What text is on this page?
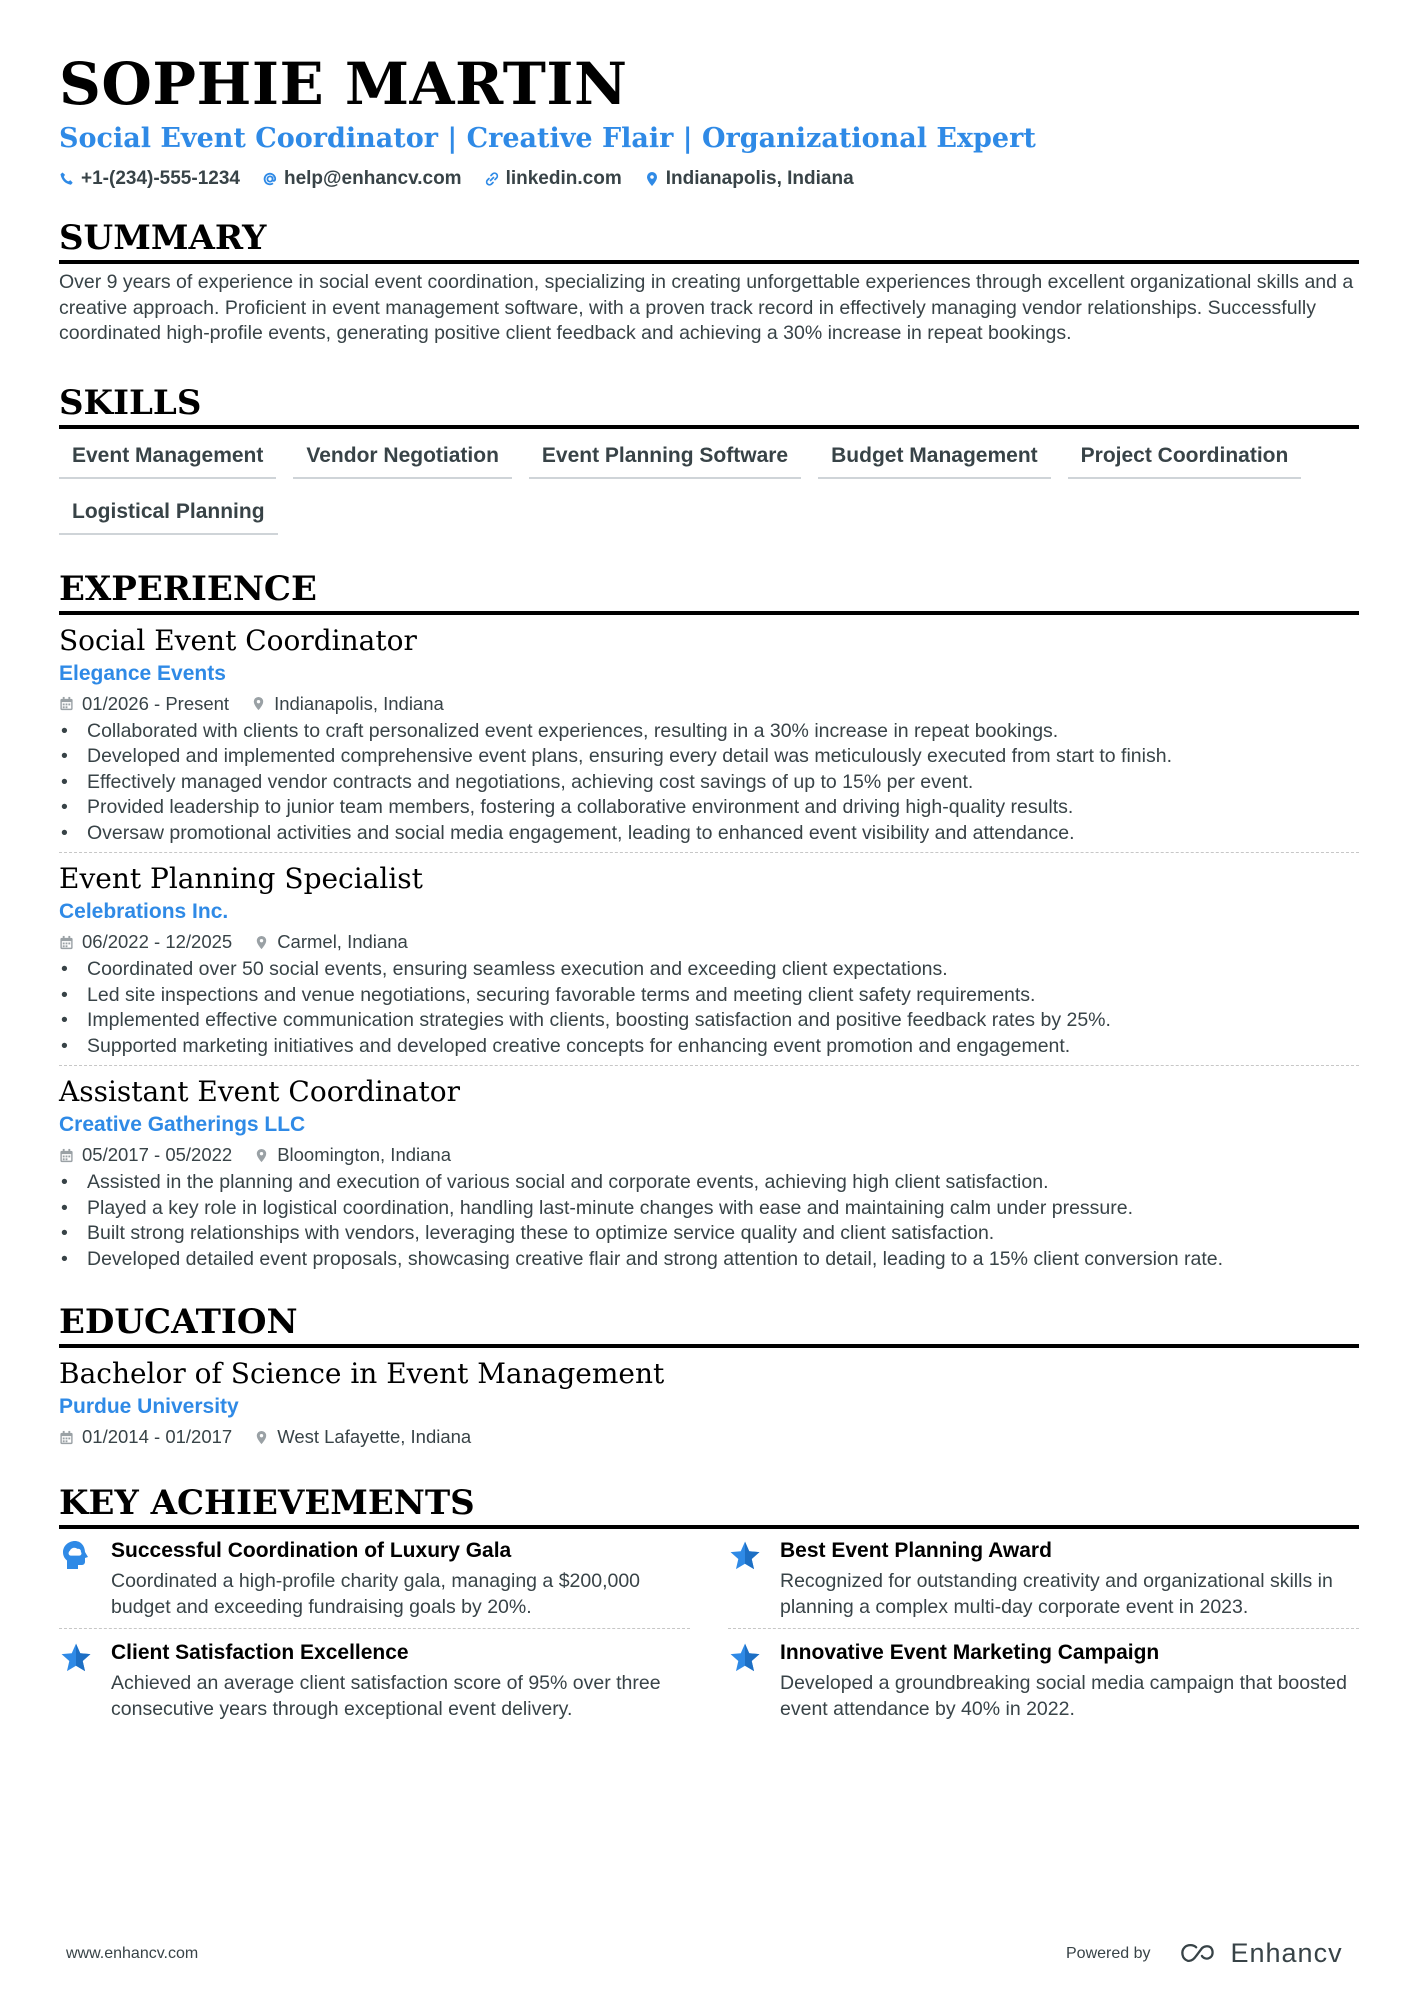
SOPHIE MARTIN
Social Event Coordinator | Creative Flair | Organizational Expert
+1-(234)-555-1234 help@enhancv.com linkedin.com Indianapolis, Indiana
SUMMARY
Over 9 years of experience in social event coordination, specializing in creating unforgettable experiences through excellent organizational skills and a creative approach. Proficient in event management software, with a proven track record in effectively managing vendor relationships. Successfully coordinated high-profile events, generating positive client feedback and achieving a 30% increase in repeat bookings.
SKILLS
Event Management	Vendor Negotiation	Event Planning Software	Budget Management	Project Coordination
Logistical Planning
EXPERIENCE
Social Event Coordinator
Elegance Events
01/2026 - Present Indianapolis, Indiana
• Collaborated with clients to craft personalized event experiences, resulting in a 30% increase in repeat bookings.
• Developed and implemented comprehensive event plans, ensuring every detail was meticulously executed from start to finish.
• Effectively managed vendor contracts and negotiations, achieving cost savings of up to 15% per event.
• Provided leadership to junior team members, fostering a collaborative environment and driving high-quality results.
• Oversaw promotional activities and social media engagement, leading to enhanced event visibility and attendance.
Event Planning Specialist
Celebrations Inc.
06/2022 - 12/2025 Carmel, Indiana
• Coordinated over 50 social events, ensuring seamless execution and exceeding client expectations.
• Led site inspections and venue negotiations, securing favorable terms and meeting client safety requirements.
• Implemented effective communication strategies with clients, boosting satisfaction and positive feedback rates by 25%.
• Supported marketing initiatives and developed creative concepts for enhancing event promotion and engagement.
Assistant Event Coordinator
Creative Gatherings LLC
05/2017 - 05/2022 Bloomington, Indiana
• Assisted in the planning and execution of various social and corporate events, achieving high client satisfaction.
• Played a key role in logistical coordination, handling last-minute changes with ease and maintaining calm under pressure.
• Built strong relationships with vendors, leveraging these to optimize service quality and client satisfaction.
• Developed detailed event proposals, showcasing creative flair and strong attention to detail, leading to a 15% client conversion rate.
EDUCATION
Bachelor of Science in Event Management
Purdue University
01/2014 - 01/2017 West Lafayette, Indiana
KEY ACHIEVEMENTS
Successful Coordination of Luxury Gala
Coordinated a high-profile charity gala, managing a $200,000 budget and exceeding fundraising goals by 20%.
Best Event Planning Award
Recognized for outstanding creativity and organizational skills in planning a complex multi-day corporate event in 2023.
Client Satisfaction Excellence
Achieved an average client satisfaction score of 95% over three consecutive years through exceptional event delivery.
Innovative Event Marketing Campaign
Developed a groundbreaking social media campaign that boosted event attendance by 40% in 2022.
www.enhancv.com	Powered by	Enhancv
